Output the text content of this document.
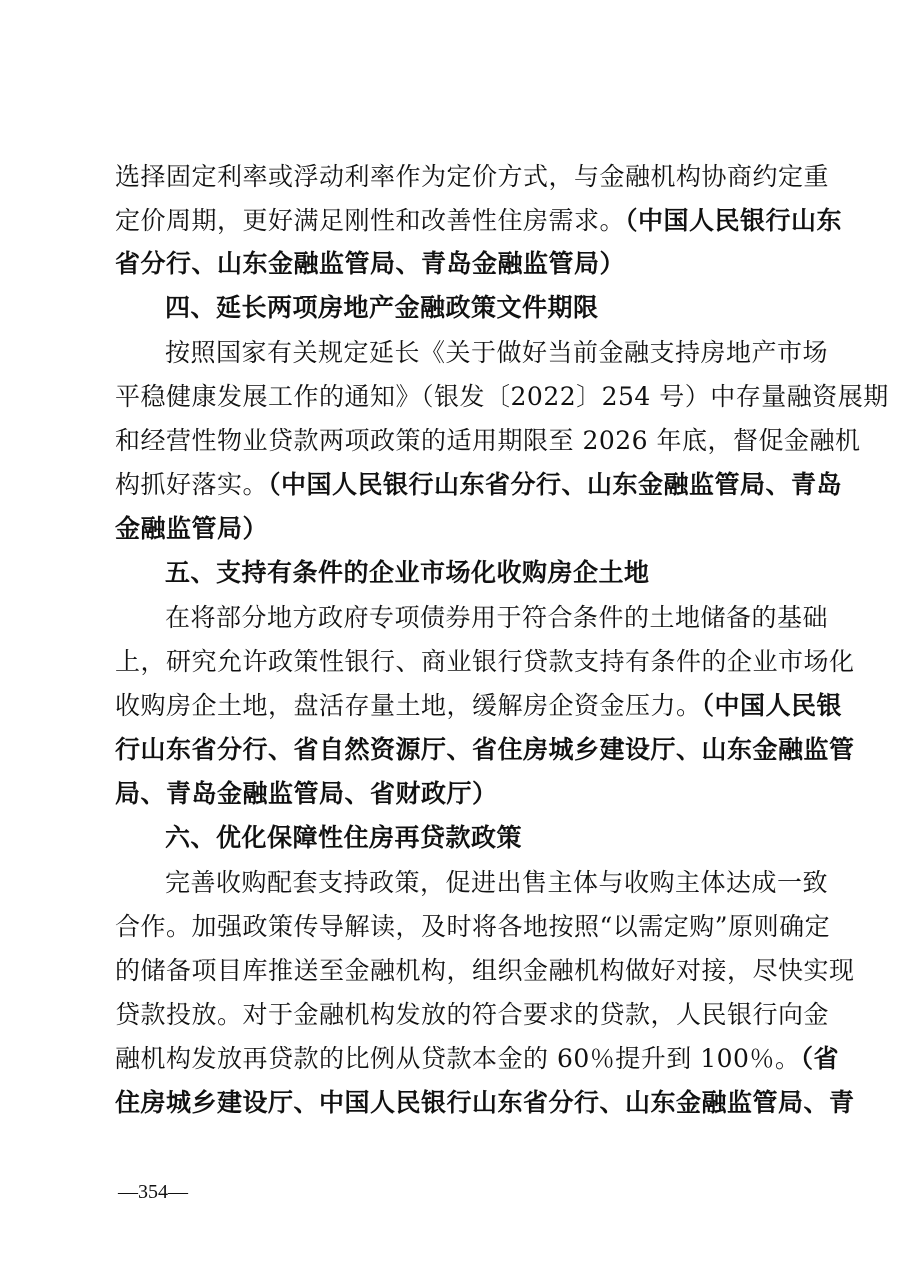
选择固定利率或浮动利率作为定价方式，与金融机构协商约定重
定价周期，更好满足刚性和改善性住房需求。（中国人民银行山东
省分行、山东金融监管局、青岛金融监管局）
四、延长两项房地产金融政策文件期限
按照国家有关规定延长《关于做好当前金融支持房地产市场
平稳健康发展工作的通知》（银发〔2022〕254 号）中存量融资展期
和经营性物业贷款两项政策的适用期限至 2026 年底，督促金融机
构抓好落实。（中国人民银行山东省分行、山东金融监管局、青岛
金融监管局）
五、支持有条件的企业市场化收购房企土地
在将部分地方政府专项债券用于符合条件的土地储备的基础
上，研究允许政策性银行、商业银行贷款支持有条件的企业市场化
收购房企土地，盘活存量土地，缓解房企资金压力。（中国人民银
行山东省分行、省自然资源厅、省住房城乡建设厅、山东金融监管
局、青岛金融监管局、省财政厅）
六、优化保障性住房再贷款政策
完善收购配套支持政策，促进出售主体与收购主体达成一致
合作。加强政策传导解读，及时将各地按照“以需定购”原则确定
的储备项目库推送至金融机构，组织金融机构做好对接，尽快实现
贷款投放。对于金融机构发放的符合要求的贷款，人民银行向金
融机构发放再贷款的比例从贷款本金的 60％提升到 100％。（省
住房城乡建设厅、中国人民银行山东省分行、山东金融监管局、青
—354—
